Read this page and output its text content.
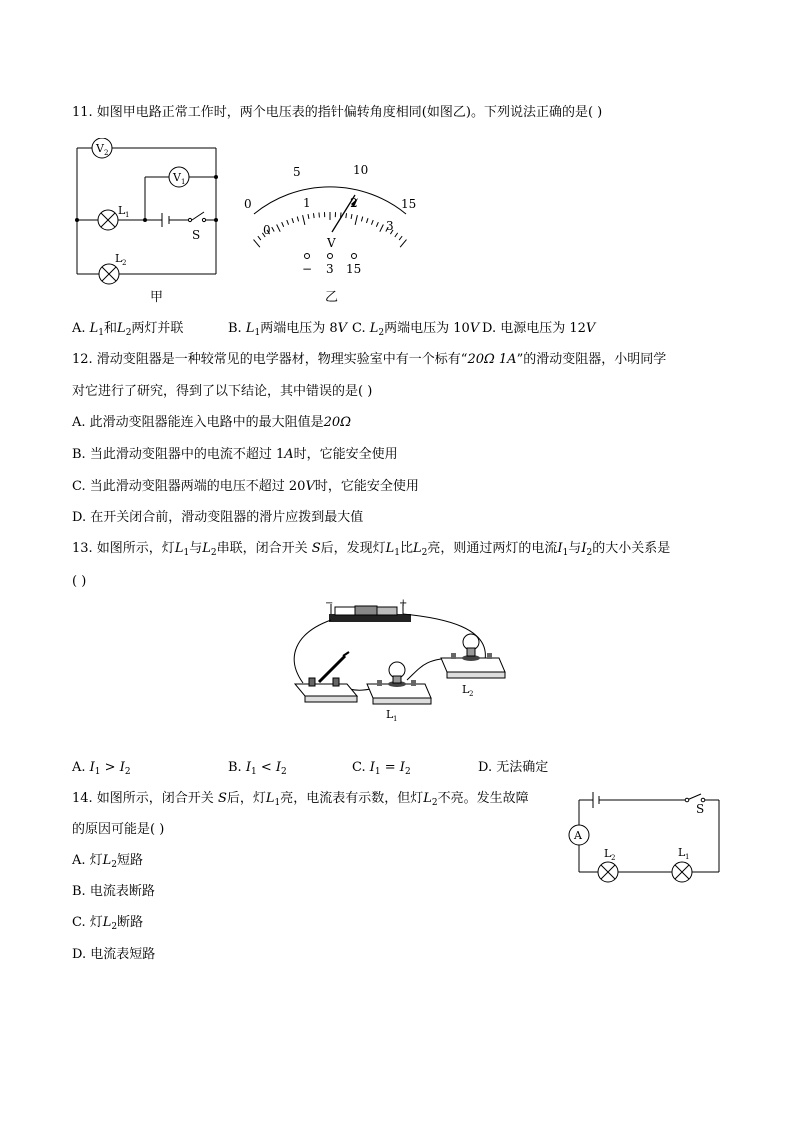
11. 如图甲电路正常工作时，两个电压表的指针偏转角度相同(如图乙)。下列说法正确的是( )
V 2
V 1
L 1
L 2
S
甲
0
5	10
15
0
1	2
3
V
− 3 15
乙
A. $L_1$和$L_2$两灯并联	B. $L_1$两端电压为 8V C. $L_2$两端电压为 10V D. 电源电压为 12V
12. 滑动变阻器是一种较常见的电学器材，物理实验室中有一个标有“20Ω 1A”的滑动变阻器，小明同学
对它进行了研究，得到了以下结论，其中错误的是( )
A. 此滑动变阻器能连入电路中的最大阻值是20Ω
B. 当此滑动变阻器中的电流不超过 1A时，它能安全使用
C. 当此滑动变阻器两端的电压不超过 20V时，它能安全使用
D. 在开关闭合前，滑动变阻器的滑片应拨到最大值
13. 如图所示，灯$L_1$与$L_2$串联，闭合开关 S后，发现灯$L_1$比$L_2$亮，则通过两灯的电流$I_1$与$I_2$的大小关系是
( )
−	+
L 1
L 2
A. $I_1 > I_2$	B. $I_1 < I_2$	C. $I_1 = I_2$	D. 无法确定
14. 如图所示，闭合开关 S后，灯$L_1$亮，电流表有示数，但灯$L_2$不亮。发生故障
的原因可能是( )
A. 灯$L_2$短路
B. 电流表断路
C. 灯$L_2$断路
D. 电流表短路
A
S
L 2	L 1
